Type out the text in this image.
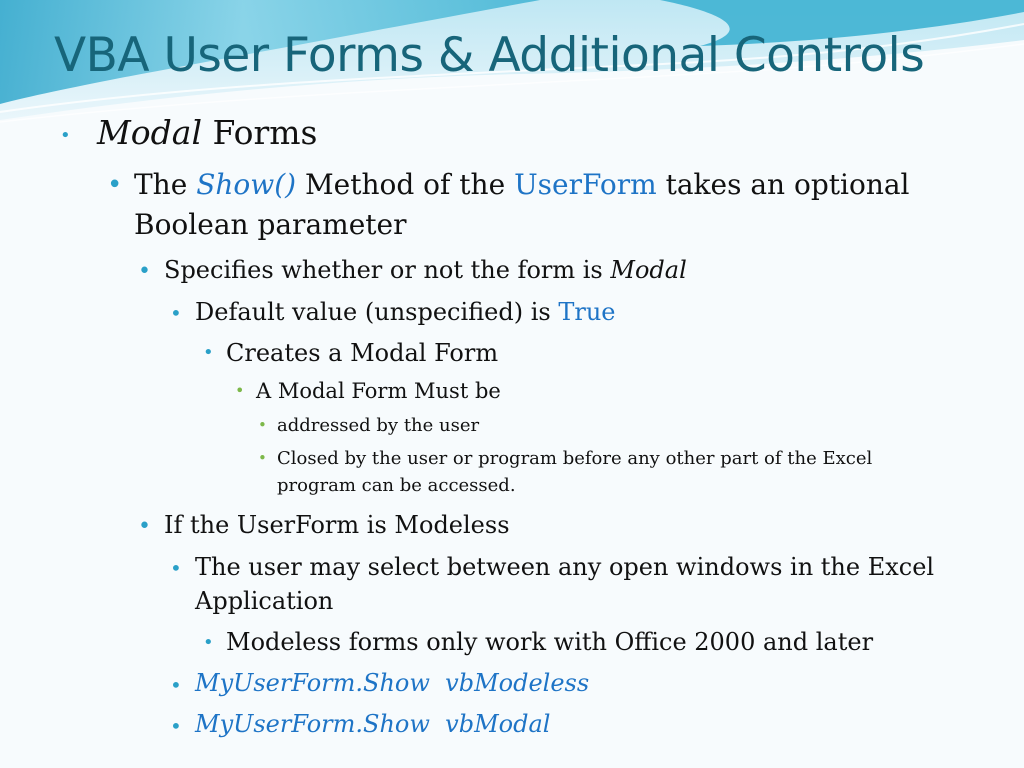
VBA User Forms & Additional Controls
• Modal Forms
• The Show() Method of the UserForm takes an optional
Boolean parameter
• Specifies whether or not the form is Modal
• Default value (unspecified) is True
• Creates a Modal Form
• A Modal Form Must be
• addressed by the user
• Closed by the user or program before any other part of the Excel
program can be accessed.
• If the UserForm is Modeless
• The user may select between any open windows in the Excel
Application
• Modeless forms only work with Office 2000 and later
• MyUserForm.Show  vbModeless
• MyUserForm.Show  vbModal
